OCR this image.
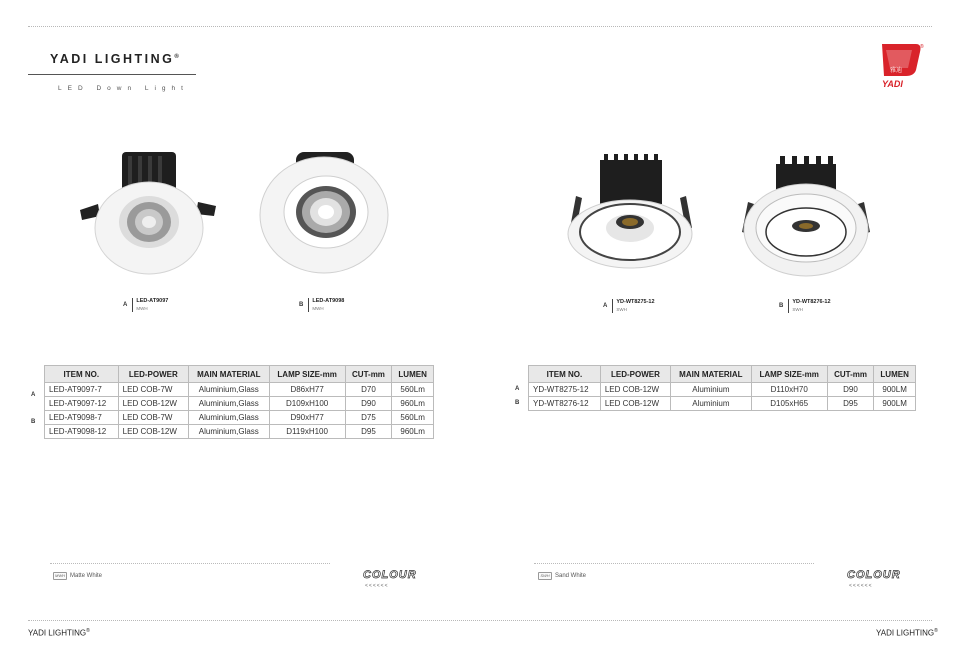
YADI LIGHTING®
LED Down Light
雅迪
YADI
®
A
LED-AT9097
MWH
B
LED-AT9098
MWH
ITEM NO.	LED-POWER	MAIN MATERIAL	LAMP SIZE-mm	CUT-mm	LUMEN
LED-AT9097-7	LED COB-7W	Aluminium,Glass	D86xH77	D70	560Lm
LED-AT9097-12	LED COB-12W	Aluminium,Glass	D109xH100	D90	960Lm
LED-AT9098-7	LED COB-7W	Aluminium,Glass	D90xH77	D75	560Lm
LED-AT9098-12	LED COB-12W	Aluminium,Glass	D119xH100	D95	960Lm
A
B
A
YD-WT8275-12
SWH
B
YD-WT8276-12
SWH
ITEM NO.	LED-POWER	MAIN MATERIAL	LAMP SIZE-mm	CUT-mm	LUMEN
YD-WT8275-12	LED COB-12W	Aluminium	D110xH70	D90	900LM
YD-WT8276-12	LED COB-12W	Aluminium	D105xH65	D95	900LM
A
B
MWH Matte White	COLOUR
<<<<<<
SWH Sand White	COLOUR
<<<<<<
YADI LIGHTING®	YADI LIGHTING®
